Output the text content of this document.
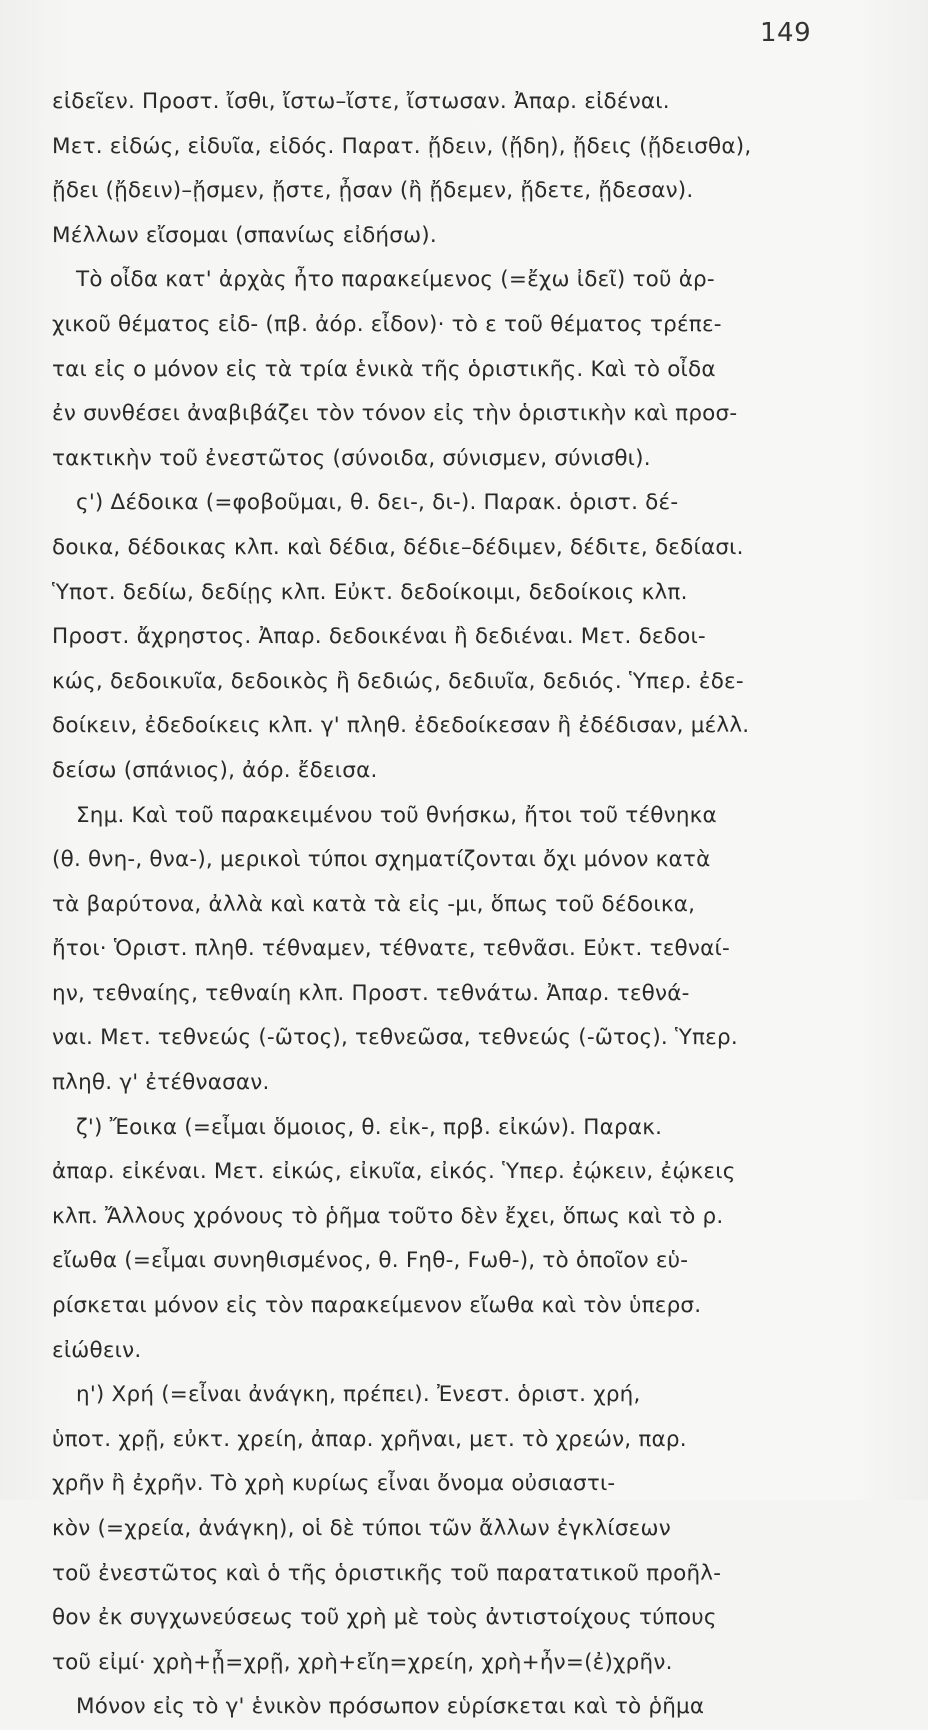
149
εἰδεῖεν. Προστ. ἴσθι, ἴστω–ἴστε, ἴστωσαν. Ἀπαρ. εἰδέναι.
Μετ. εἰδώς, εἰδυῖα, εἰδός. Παρατ. ᾔδειν, (ᾔδη), ᾔδεις (ᾔδεισθα),
ᾔδει (ᾔδειν)–ᾔσμεν, ᾔστε, ᾖσαν (ἢ ᾔδεμεν, ᾔδετε, ᾔδεσαν).
Μέλλων εἴσομαι (σπανίως εἰδήσω).
Τὸ οἶδα κατ' ἀρχὰς ἦτο παρακείμενος (=ἔχω ἰδεῖ) τοῦ ἀρ-
χικοῦ θέματος εἰδ- (πβ. ἀόρ. εἶδον)· τὸ ε τοῦ θέματος τρέπε-
ται εἰς ο μόνον εἰς τὰ τρία ἑνικὰ τῆς ὁριστικῆς. Καὶ τὸ οἶδα
ἐν συνθέσει ἀναβιβάζει τὸν τόνον εἰς τὴν ὁριστικὴν καὶ προσ-
τακτικὴν τοῦ ἐνεστῶτος (σύνοιδα, σύνισμεν, σύνισθι).
ς') Δέδοικα (=φοβοῦμαι, θ. δει-, δι-). Παρακ. ὁριστ. δέ-
δοικα, δέδοικας κλπ. καὶ δέδια, δέδιε–δέδιμεν, δέδιτε, δεδίασι.
Ὑποτ. δεδίω, δεδίῃς κλπ. Εὐκτ. δεδοίκοιμι, δεδοίκοις κλπ.
Προστ. ἄχρηστος. Ἀπαρ. δεδοικέναι ἢ δεδιέναι. Μετ. δεδοι-
κώς, δεδοικυῖα, δεδοικὸς ἢ δεδιώς, δεδιυῖα, δεδιός. Ὑπερ. ἐδε-
δοίκειν, ἐδεδοίκεις κλπ. γ' πληθ. ἐδεδοίκεσαν ἢ ἐδέδισαν, μέλλ.
δείσω (σπάνιος), ἀόρ. ἔδεισα.
Σημ. Καὶ τοῦ παρακειμένου τοῦ θνήσκω, ἤτοι τοῦ τέθνηκα
(θ. θνη-, θνα-), μερικοὶ τύποι σχηματίζονται ὄχι μόνον κατὰ
τὰ βαρύτονα, ἀλλὰ καὶ κατὰ τὰ εἰς -μι, ὅπως τοῦ δέδοικα,
ἤτοι· Ὁριστ. πληθ. τέθναμεν, τέθνατε, τεθνᾶσι. Εὐκτ. τεθναί-
ην, τεθναίης, τεθναίη κλπ. Προστ. τεθνάτω. Ἀπαρ. τεθνά-
ναι. Μετ. τεθνεώς (-ῶτος), τεθνεῶσα, τεθνεώς (-ῶτος). Ὑπερ.
πληθ. γ' ἐτέθνασαν.
ζ') Ἔοικα (=εἶμαι ὅμοιος, θ. εἰκ-, πρβ. εἰκών). Παρακ.
ἀπαρ. εἰκέναι. Μετ. εἰκώς, εἰκυῖα, εἰκός. Ὑπερ. ἐῴκειν, ἐῴκεις
κλπ. Ἄλλους χρόνους τὸ ῥῆμα τοῦτο δὲν ἔχει, ὅπως καὶ τὸ ρ.
εἴωθα (=εἶμαι συνηθισμένος, θ. Fηθ-, Fωθ-), τὸ ὁποῖον εὑ-
ρίσκεται μόνον εἰς τὸν παρακείμενον εἴωθα καὶ τὸν ὑπερσ.
εἰώθειν.
η') Χρή (=εἶναι ἀνάγκη, πρέπει). Ἐνεστ. ὁριστ. χρή,
ὑποτ. χρῇ, εὐκτ. χρείη, ἀπαρ. χρῆναι, μετ. τὸ χρεών, παρ.
χρῆν ἢ ἐχρῆν. Τὸ χρὴ κυρίως εἶναι ὄνομα οὐσιαστι-
κὸν (=χρεία, ἀνάγκη), οἱ δὲ τύποι τῶν ἄλλων ἐγκλίσεων
τοῦ ἐνεστῶτος καὶ ὁ τῆς ὁριστικῆς τοῦ παρατατικοῦ προῆλ-
θον ἐκ συγχωνεύσεως τοῦ χρὴ μὲ τοὺς ἀντιστοίχους τύπους
τοῦ εἰμί· χρὴ+ᾖ=χρῇ, χρὴ+εἴη=χρείη, χρὴ+ἦν=(ἐ)χρῆν.
Μόνον εἰς τὸ γ' ἑνικὸν πρόσωπον εὑρίσκεται καὶ τὸ ῥῆμα
